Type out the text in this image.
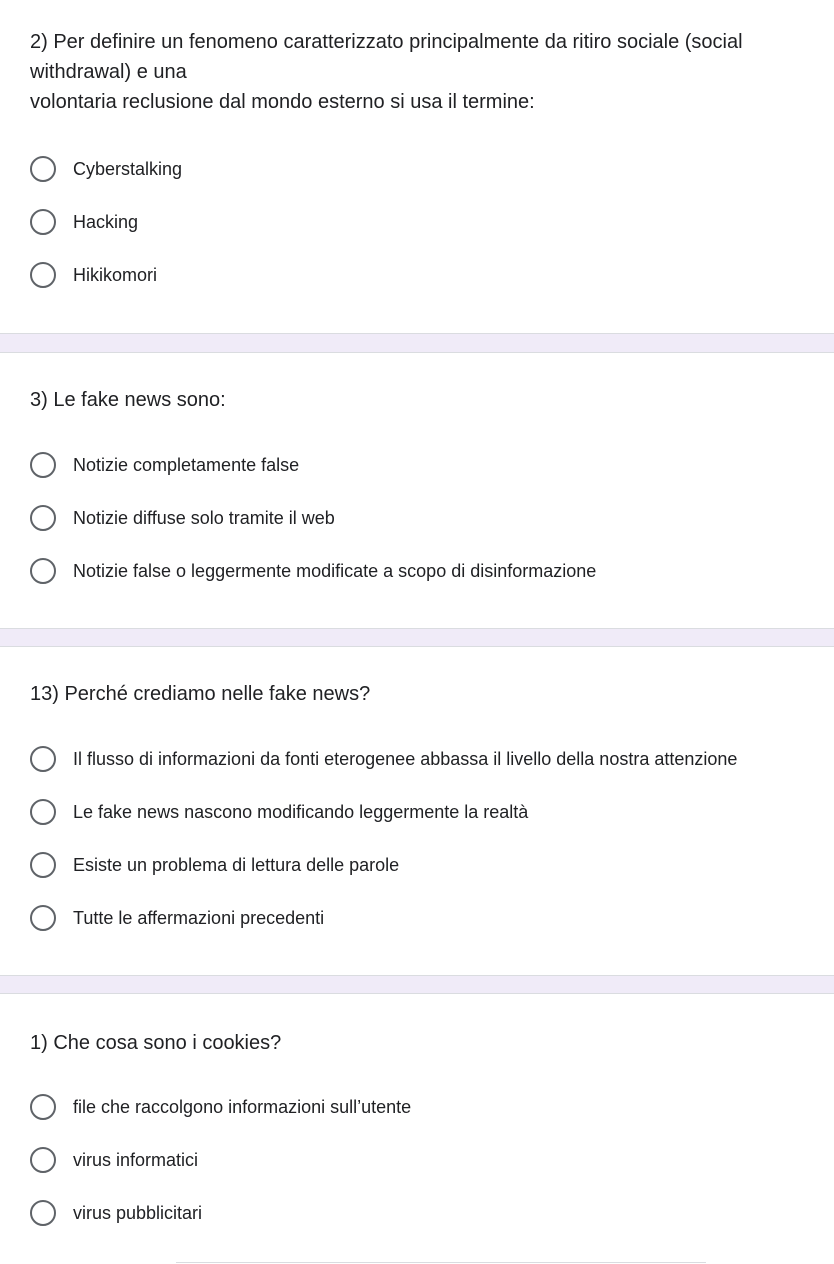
2) Per definire un fenomeno caratterizzato principalmente da ritiro sociale (social
withdrawal) e una
volontaria reclusione dal mondo esterno si usa il termine:
Cyberstalking
Hacking
Hikikomori
3) Le fake news sono:
Notizie completamente false
Notizie diffuse solo tramite il web
Notizie false o leggermente modificate a scopo di disinformazione
13) Perché crediamo nelle fake news?
Il flusso di informazioni da fonti eterogenee abbassa il livello della nostra attenzione
Le fake news nascono modificando leggermente la realtà
Esiste un problema di lettura delle parole
Tutte le affermazioni precedenti
1) Che cosa sono i cookies?
file che raccolgono informazioni sull’utente
virus informatici
virus pubblicitari
